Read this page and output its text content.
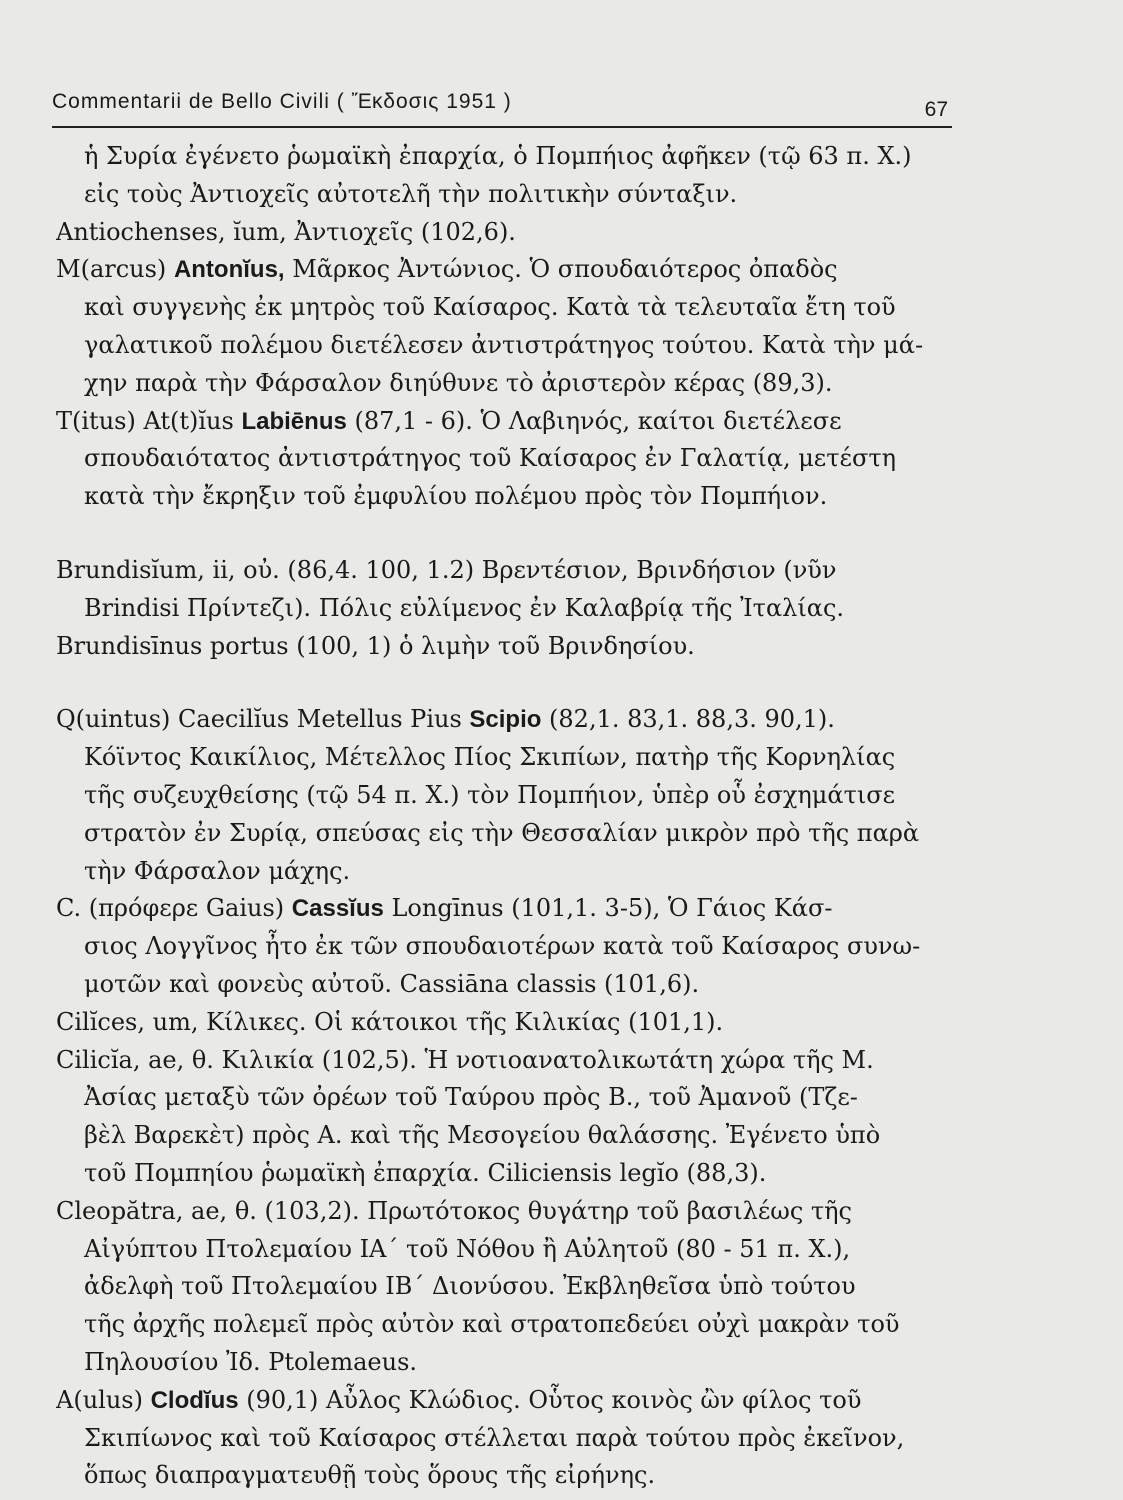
Commentarii de Bello Civili ( Ἔκδοσις 1951 )	67
ἡ Συρία ἐγένετο ῥωμαϊκὴ ἐπαρχία, ὁ Πομπήιος ἀφῆκεν (τῷ 63 π. Χ.)
εἰς τοὺς Ἀντιοχεῖς αὐτοτελῆ τὴν πολιτικὴν σύνταξιν.
Antiochenses, ĭum, Ἀντιοχεῖς (102,6).
M(arcus) Antonĭus, Μᾶρκος Ἀντώνιος. Ὁ σπουδαιότερος ὀπαδὸς
καὶ συγγενὴς ἐκ μητρὸς τοῦ Καίσαρος. Κατὰ τὰ τελευταῖα ἔτη τοῦ
γαλατικοῦ πολέμου διετέλεσεν ἀντιστράτηγος τούτου. Κατὰ τὴν μά-
χην παρὰ τὴν Φάρσαλον διηύθυνε τὸ ἀριστερὸν κέρας (89,3).
T(itus) At(t)ĭus Labiēnus (87,1 - 6). Ὁ Λαβιηνός, καίτοι διετέλεσε
σπουδαιότατος ἀντιστράτηγος τοῦ Καίσαρος ἐν Γαλατίᾳ, μετέστη
κατὰ τὴν ἔκρηξιν τοῦ ἐμφυλίου πολέμου πρὸς τὸν Πομπήιον.
Brundisĭum, ii, οὐ. (86,4. 100, 1.2) Βρεντέσιον, Βρινδήσιον (νῦν
Brindisi Πρίντεζι). Πόλις εὐλίμενος ἐν Καλαβρίᾳ τῆς Ἰταλίας.
Brundisīnus portus (100, 1) ὁ λιμὴν τοῦ Βρινδησίου.
Q(uintus) Caecilĭus Metellus Pius Scipio (82,1. 83,1. 88,3. 90,1).
Κόϊντος Καικίλιος, Μέτελλος Πίος Σκιπίων, πατὴρ τῆς Κορνηλίας
τῆς συζευχθείσης (τῷ 54 π. Χ.) τὸν Πομπήιον, ὑπὲρ οὗ ἐσχημάτισε
στρατὸν ἐν Συρίᾳ, σπεύσας εἰς τὴν Θεσσαλίαν μικρὸν πρὸ τῆς παρὰ
τὴν Φάρσαλον μάχης.
C. (πρόφερε Gaius) Cassĭus Longīnus (101,1. 3-5), Ὁ Γάιος Κάσ-
σιος Λογγῖνος ἦτο ἐκ τῶν σπουδαιοτέρων κατὰ τοῦ Καίσαρος συνω-
μοτῶν καὶ φονεὺς αὐτοῦ. Cassiāna classis (101,6).
Cilĭces, um, Κίλικες. Οἱ κάτοικοι τῆς Κιλικίας (101,1).
Cilicĭa, ae, θ. Κιλικία (102,5). Ἡ νοτιοανατολικωτάτη χώρα τῆς Μ.
Ἀσίας μεταξὺ τῶν ὀρέων τοῦ Ταύρου πρὸς Β., τοῦ Ἀμανοῦ (Τζε-
βὲλ Βαρεκὲτ) πρὸς Α. καὶ τῆς Μεσογείου θαλάσσης. Ἐγένετο ὑπὸ
τοῦ Πομπηίου ῥωμαϊκὴ ἐπαρχία. Ciliciensis legĭo (88,3).
Cleopătra, ae, θ. (103,2). Πρωτότοκος θυγάτηρ τοῦ βασιλέως τῆς
Αἰγύπτου Πτολεμαίου ΙΑ΄ τοῦ Νόθου ἢ Αὐλητοῦ (80 - 51 π. Χ.),
ἀδελφὴ τοῦ Πτολεμαίου ΙΒ΄ Διονύσου. Ἐκβληθεῖσα ὑπὸ τούτου
τῆς ἀρχῆς πολεμεῖ πρὸς αὐτὸν καὶ στρατοπεδεύει οὐχὶ μακρὰν τοῦ
Πηλουσίου Ἰδ. Ptolemaeus.
A(ulus) Clodĭus (90,1) Αὖλος Κλώδιος. Οὗτος κοινὸς ὢν φίλος τοῦ
Σκιπίωνος καὶ τοῦ Καίσαρος στέλλεται παρὰ τούτου πρὸς ἐκεῖνον,
ὅπως διαπραγματευθῇ τοὺς ὅρους τῆς εἰρήνης.
